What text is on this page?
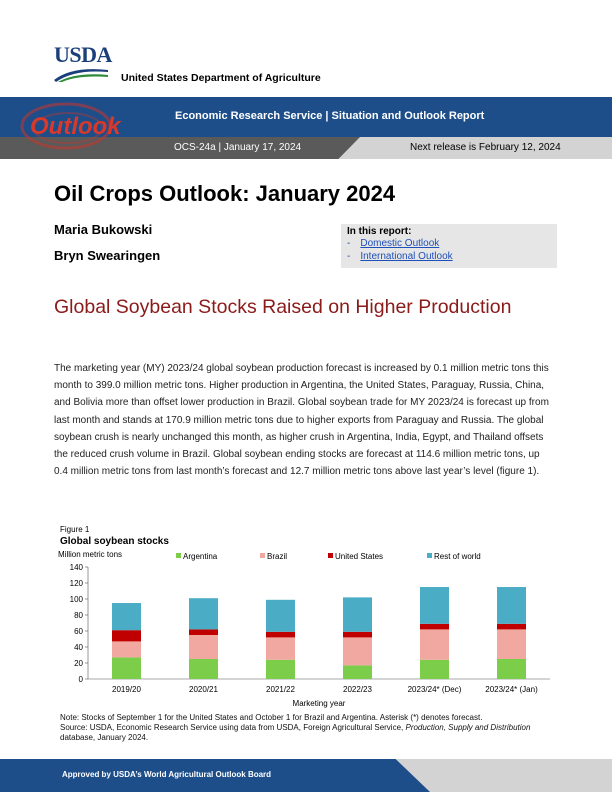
USDA
United States Department of Agriculture
Outlook	Economic Research Service | Situation and Outlook Report
OCS-24a | January 17, 2024	Next release is February 12, 2024
Oil Crops Outlook: January 2024
Maria Bukowski
Bryn Swearingen
In this report:
- Domestic Outlook
- International Outlook
Global Soybean Stocks Raised on Higher Production
The marketing year (MY) 2023/24 global soybean production forecast is increased by 0.1 million metric tons this month to 399.0 million metric tons. Higher production in Argentina, the United States, Paraguay, Russia, China, and Bolivia more than offset lower production in Brazil. Global soybean trade for MY 2023/24 is forecast up from last month and stands at 170.9 million metric tons due to higher exports from Paraguay and Russia. The global soybean crush is nearly unchanged this month, as higher crush in Argentina, India, Egypt, and Thailand offsets the reduced crush volume in Brazil. Global soybean ending stocks are forecast at 114.6 million metric tons, up 0.4 million metric tons from last month’s forecast and 12.7 million metric tons above last year’s level (figure 1).
Figure 1
Global soybean stocks
Million metric tons	Argentina	Brazil	United States	Rest of world
0
20
40
60
80
100
120
140
2019/20	2020/21	2021/22	2022/23	2023/24* (Dec)	2023/24* (Jan)
Marketing year
Note: Stocks of September 1 for the United States and October 1 for Brazil and Argentina. Asterisk (*) denotes forecast.
Source: USDA, Economic Research Service using data from USDA, Foreign Agricultural Service, Production, Supply and Distribution database, January 2024.
Approved by USDA’s World Agricultural Outlook Board
